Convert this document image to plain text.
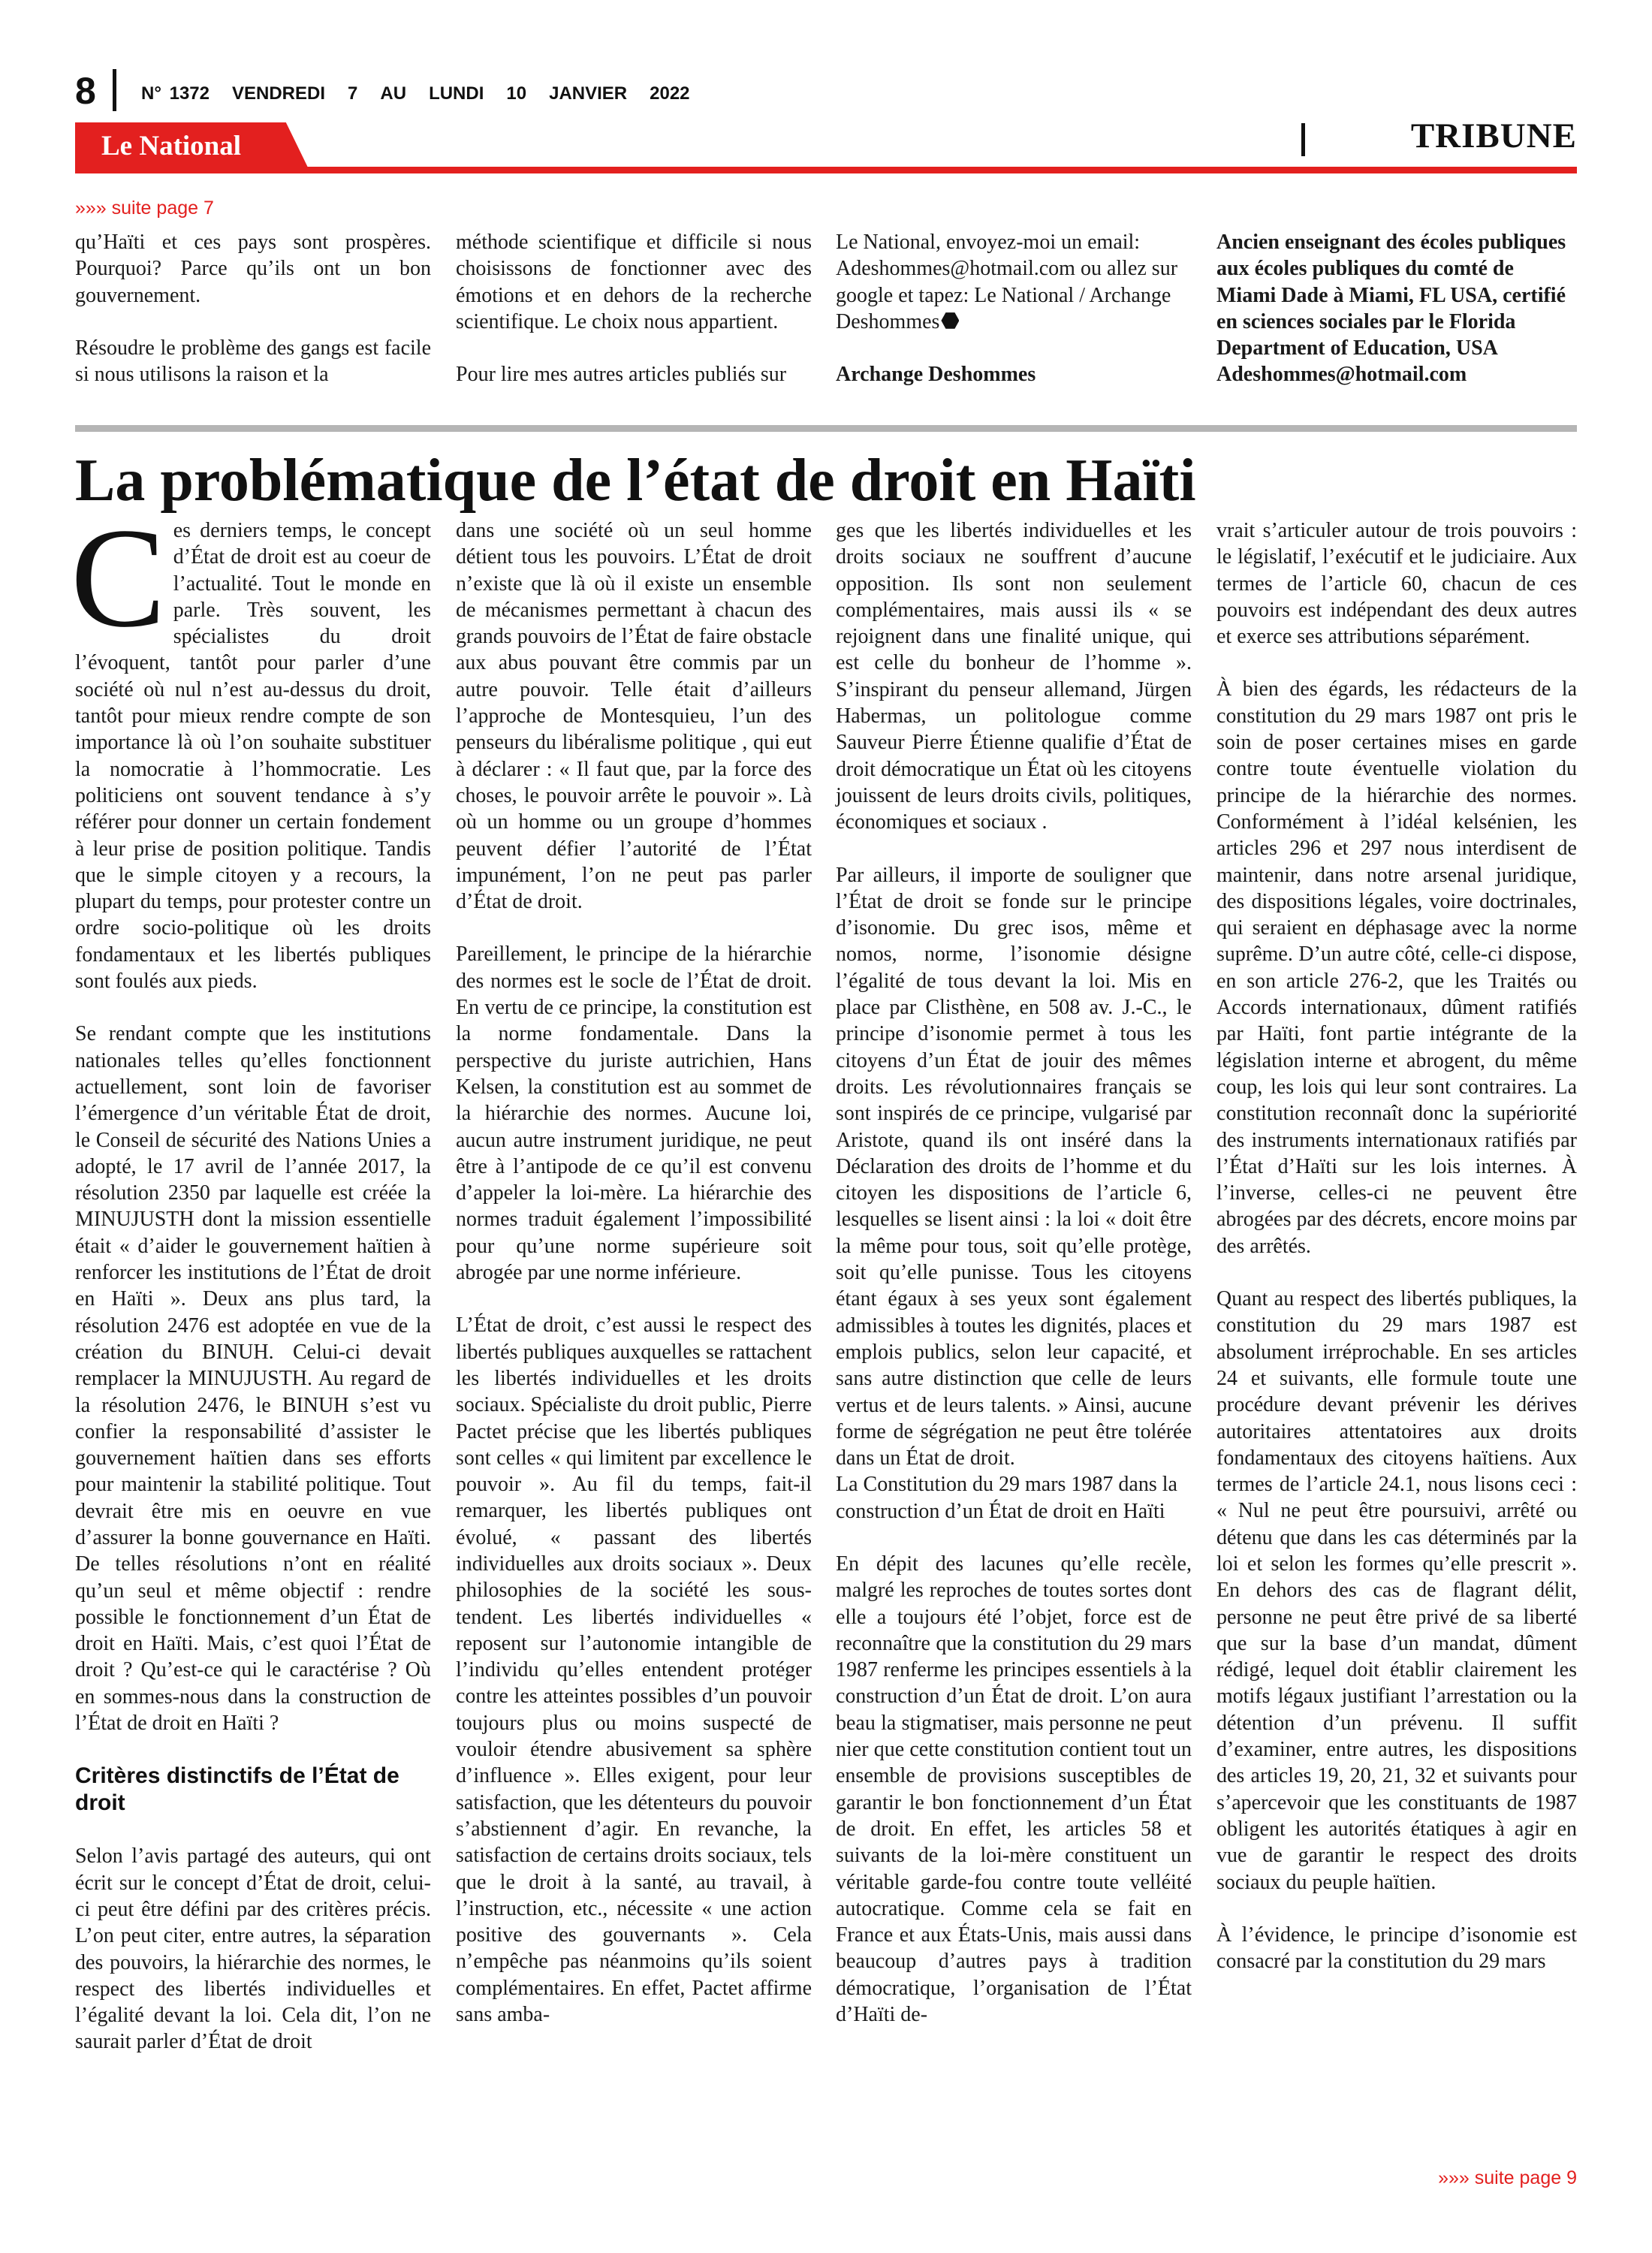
8	N° 1372 VENDREDI 7 AU LUNDI 10 JANVIER 2022
Le National	TRIBUNE
»»» suite page 7

qu’Haïti et ces pays sont prospères. Pourquoi? Parce qu’ils ont un bon gouvernement.

Résoudre le problème des gangs est facile si nous utilisons la raison et la

méthode scientifique et difficile si nous choisissons de fonctionner avec des émotions et en dehors de la recherche scientifique. Le choix nous appartient.

Pour lire mes autres articles publiés sur

Le National, envoyez-moi un email: Adeshommes@hotmail.com ou allez sur google et tapez: Le National / Archange Deshommes

Archange Deshommes

Ancien enseignant des écoles publiques aux écoles publiques du comté de Miami Dade à Miami, FL USA, certifié en sciences sociales par le Florida Department of Education, USA

Adeshommes@hotmail.com

La problématique de l’état de droit en Haïti

Ces derniers temps, le concept d’État de droit est au coeur de l’actualité. Tout le monde en parle. Très souvent, les spécialistes du droit l’évoquent, tantôt pour parler d’une société où nul n’est au-dessus du droit, tantôt pour mieux rendre compte de son importance là où l’on souhaite substituer la nomocratie à l’hommocratie. Les politiciens ont souvent tendance à s’y référer pour donner un certain fondement à leur prise de position politique. Tandis que le simple citoyen y a recours, la plupart du temps, pour protester contre un ordre socio-politique où les droits fondamentaux et les libertés publiques sont foulés aux pieds.

Se rendant compte que les institutions nationales telles qu’elles fonctionnent actuellement, sont loin de favoriser l’émergence d’un véritable État de droit, le Conseil de sécurité des Nations Unies a adopté, le 17 avril de l’année 2017, la résolution 2350 par laquelle est créée la MINUJUSTH dont la mission essentielle était « d’aider le gouvernement haïtien à renforcer les institutions de l’État de droit en Haïti ». Deux ans plus tard, la résolution 2476 est adoptée en vue de la création du BINUH. Celui-ci devait remplacer la MINUJUSTH. Au regard de la résolution 2476, le BINUH s’est vu confier la responsabilité d’assister le gouvernement haïtien dans ses efforts pour maintenir la stabilité politique. Tout devrait être mis en oeuvre en vue d’assurer la bonne gouvernance en Haïti. De telles résolutions n’ont en réalité qu’un seul et même objectif : rendre possible le fonctionnement d’un État de droit en Haïti. Mais, c’est quoi l’État de droit ? Qu’est-ce qui le caractérise ? Où en sommes-nous dans la construction de l’État de droit en Haïti ?

Critères distinctifs de l’État de droit

Selon l’avis partagé des auteurs, qui ont écrit sur le concept d’État de droit, celui-ci peut être défini par des critères précis. L’on peut citer, entre autres, la séparation des pouvoirs, la hiérarchie des normes, le respect des libertés individuelles et l’égalité devant la loi. Cela dit, l’on ne saurait parler d’État de droit

dans une société où un seul homme détient tous les pouvoirs. L’État de droit n’existe que là où il existe un ensemble de mécanismes permettant à chacun des grands pouvoirs de l’État de faire obstacle aux abus pouvant être commis par un autre pouvoir. Telle était d’ailleurs l’approche de Montesquieu, l’un des penseurs du libéralisme politique , qui eut à déclarer : « Il faut que, par la force des choses, le pouvoir arrête le pouvoir ». Là où un homme ou un groupe d’hommes peuvent défier l’autorité de l’État impunément, l’on ne peut pas parler d’État de droit.

Pareillement, le principe de la hiérarchie des normes est le socle de l’État de droit. En vertu de ce principe, la constitution est la norme fondamentale. Dans la perspective du juriste autrichien, Hans Kelsen, la constitution est au sommet de la hiérarchie des normes. Aucune loi, aucun autre instrument juridique, ne peut être à l’antipode de ce qu’il est convenu d’appeler la loi-mère. La hiérarchie des normes traduit également l’impossibilité pour qu’une norme supérieure soit abrogée par une norme inférieure.

L’État de droit, c’est aussi le respect des libertés publiques auxquelles se rattachent les libertés individuelles et les droits sociaux. Spécialiste du droit public, Pierre Pactet précise que les libertés publiques sont celles « qui limitent par excellence le pouvoir ». Au fil du temps, fait-il remarquer, les libertés publiques ont évolué, « passant des libertés individuelles aux droits sociaux ». Deux philosophies de la société les sous-tendent. Les libertés individuelles « reposent sur l’autonomie intangible de l’individu qu’elles entendent protéger contre les atteintes possibles d’un pouvoir toujours plus ou moins suspecté de vouloir étendre abusivement sa sphère d’influence ». Elles exigent, pour leur satisfaction, que les détenteurs du pouvoir s’abstiennent d’agir. En revanche, la satisfaction de certains droits sociaux, tels que le droit à la santé, au travail, à l’instruction, etc., nécessite « une action positive des gouvernants ». Cela n’empêche pas néanmoins qu’ils soient complémentaires. En effet, Pactet affirme sans amba-

ges que les libertés individuelles et les droits sociaux ne souffrent d’aucune opposition. Ils sont non seulement complémentaires, mais aussi ils « se rejoignent dans une finalité unique, qui est celle du bonheur de l’homme ». S’inspirant du penseur allemand, Jürgen Habermas, un politologue comme Sauveur Pierre Étienne qualifie d’État de droit démocratique un État où les citoyens jouissent de leurs droits civils, politiques, économiques et sociaux .

Par ailleurs, il importe de souligner que l’État de droit se fonde sur le principe d’isonomie. Du grec isos, même et nomos, norme, l’isonomie désigne l’égalité de tous devant la loi. Mis en place par Clisthène, en 508 av. J.-C., le principe d’isonomie permet à tous les citoyens d’un État de jouir des mêmes droits. Les révolutionnaires français se sont inspirés de ce principe, vulgarisé par Aristote, quand ils ont inséré dans la Déclaration des droits de l’homme et du citoyen les dispositions de l’article 6, lesquelles se lisent ainsi : la loi « doit être la même pour tous, soit qu’elle protège, soit qu’elle punisse. Tous les citoyens étant égaux à ses yeux sont également admissibles à toutes les dignités, places et emplois publics, selon leur capacité, et sans autre distinction que celle de leurs vertus et de leurs talents. » Ainsi, aucune forme de ségrégation ne peut être tolérée dans un État de droit.

La Constitution du 29 mars 1987 dans la construction d’un État de droit en Haïti

En dépit des lacunes qu’elle recèle, malgré les reproches de toutes sortes dont elle a toujours été l’objet, force est de reconnaître que la constitution du 29 mars 1987 renferme les principes essentiels à la construction d’un État de droit. L’on aura beau la stigmatiser, mais personne ne peut nier que cette constitution contient tout un ensemble de provisions susceptibles de garantir le bon fonctionnement d’un État de droit. En effet, les articles 58 et suivants de la loi-mère constituent un véritable garde-fou contre toute velléité autocratique. Comme cela se fait en France et aux États-Unis, mais aussi dans beaucoup d’autres pays à tradition démocratique, l’organisation de l’État d’Haïti de-

vrait s’articuler autour de trois pouvoirs : le législatif, l’exécutif et le judiciaire. Aux termes de l’article 60, chacun de ces pouvoirs est indépendant des deux autres et exerce ses attributions séparément.

À bien des égards, les rédacteurs de la constitution du 29 mars 1987 ont pris le soin de poser certaines mises en garde contre toute éventuelle violation du principe de la hiérarchie des normes. Conformément à l’idéal kelsénien, les articles 296 et 297 nous interdisent de maintenir, dans notre arsenal juridique, des dispositions légales, voire doctrinales, qui seraient en déphasage avec la norme suprême. D’un autre côté, celle-ci dispose, en son article 276-2, que les Traités ou Accords internationaux, dûment ratifiés par Haïti, font partie intégrante de la législation interne et abrogent, du même coup, les lois qui leur sont contraires. La constitution reconnaît donc la supériorité des instruments internationaux ratifiés par l’État d’Haïti sur les lois internes. À l’inverse, celles-ci ne peuvent être abrogées par des décrets, encore moins par des arrêtés.

Quant au respect des libertés publiques, la constitution du 29 mars 1987 est absolument irréprochable. En ses articles 24 et suivants, elle formule toute une procédure devant prévenir les dérives autoritaires attentatoires aux droits fondamentaux des citoyens haïtiens. Aux termes de l’article 24.1, nous lisons ceci : « Nul ne peut être poursuivi, arrêté ou détenu que dans les cas déterminés par la loi et selon les formes qu’elle prescrit ». En dehors des cas de flagrant délit, personne ne peut être privé de sa liberté que sur la base d’un mandat, dûment rédigé, lequel doit établir clairement les motifs légaux justifiant l’arrestation ou la détention d’un prévenu. Il suffit d’examiner, entre autres, les dispositions des articles 19, 20, 21, 32 et suivants pour s’apercevoir que les constituants de 1987 obligent les autorités étatiques à agir en vue de garantir le respect des droits sociaux du peuple haïtien.

À l’évidence, le principe d’isonomie est consacré par la constitution du 29 mars

»»» suite page 9
